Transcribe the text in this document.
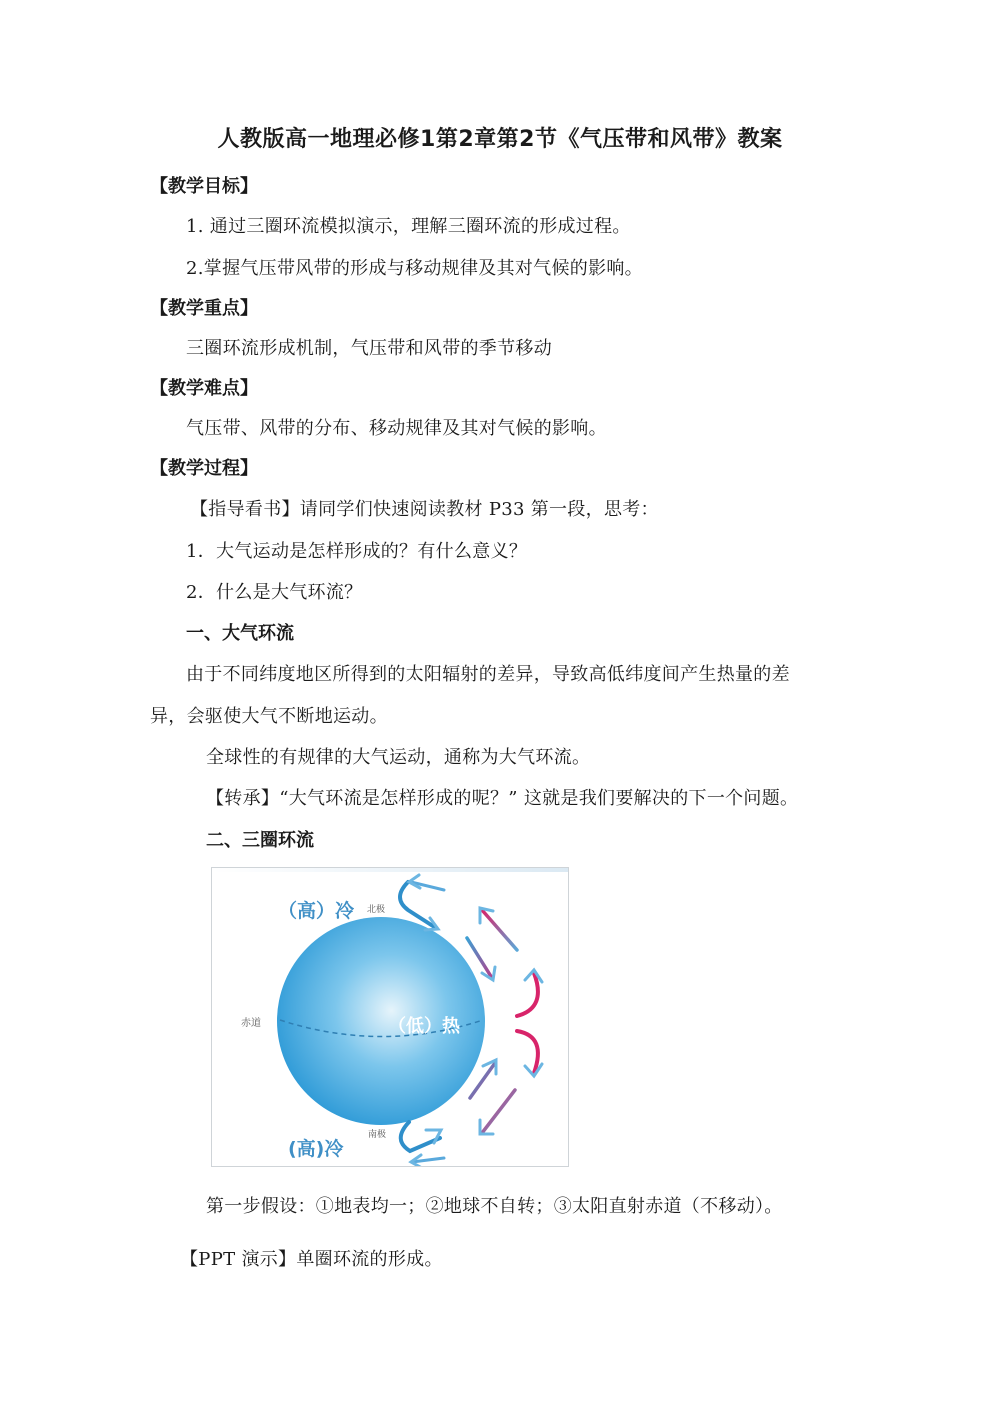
人教版高一地理必修1第2章第2节《气压带和风带》教案
【教学目标】
1. 通过三圈环流模拟演示，理解三圈环流的形成过程。
2.掌握气压带风带的形成与移动规律及其对气候的影响。
【教学重点】
三圈环流形成机制，气压带和风带的季节移动
【教学难点】
气压带、风带的分布、移动规律及其对气候的影响。
【教学过程】
【指导看书】请同学们快速阅读教材 P33 第一段，思考：
1．大气运动是怎样形成的？有什么意义？
2．什么是大气环流？
一、大气环流
由于不同纬度地区所得到的太阳辐射的差异，导致高低纬度间产生热量的差
异，会驱使大气不断地运动。
全球性的有规律的大气运动，通称为大气环流。
【转承】“大气环流是怎样形成的呢？” 这就是我们要解决的下一个问题。
二、三圈环流
（高）冷 北极
赤道	（低）热
南极
(高)冷
第一步假设：①地表均一；②地球不自转；③太阳直射赤道（不移动）。
【PPT 演示】单圈环流的形成。
